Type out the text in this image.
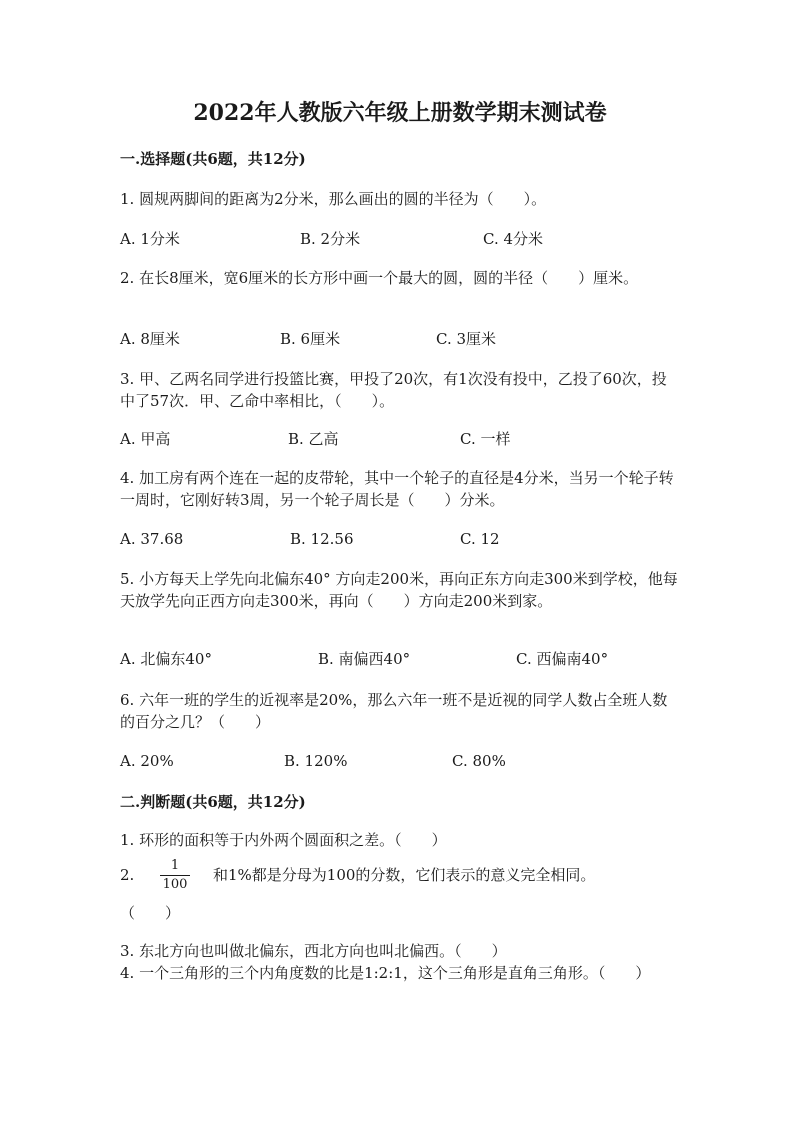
2022年人教版六年级上册数学期末测试卷
一.选择题(共6题，共12分)
1. 圆规两脚间的距离为2分米，那么画出的圆的半径为（　　）。
A. 1分米	B. 2分米	C. 4分米
2. 在长8厘米，宽6厘米的长方形中画一个最大的圆，圆的半径（　　）厘米。
A. 8厘米	B. 6厘米	C. 3厘米
3. 甲、乙两名同学进行投篮比赛，甲投了20次，有1次没有投中，乙投了60次，投中了57次．甲、乙命中率相比，（　　）。
A. 甲高	B. 乙高	C. 一样
4. 加工房有两个连在一起的皮带轮，其中一个轮子的直径是4分米，当另一个轮子转一周时，它刚好转3周，另一个轮子周长是（　　）分米。
A. 37.68	B. 12.56	C. 12
5. 小方每天上学先向北偏东40° 方向走200米，再向正东方向走300米到学校，他每天放学先向正西方向走300米，再向（　　）方向走200米到家。
A. 北偏东40°	B. 南偏西40°	C. 西偏南40°
6. 六年一班的学生的近视率是20%，那么六年一班不是近视的同学人数占全班人数的百分之几？（　　）
A. 20%	B. 120%	C. 80%
二.判断题(共6题，共12分)
1. 环形的面积等于内外两个圆面积之差。（　　）
2.
1
100
和1%都是分母为100的分数，它们表示的意义完全相同。
（　　）
3. 东北方向也叫做北偏东，西北方向也叫北偏西。（　　）
4. 一个三角形的三个内角度数的比是1:2:1，这个三角形是直角三角形。（　　）
